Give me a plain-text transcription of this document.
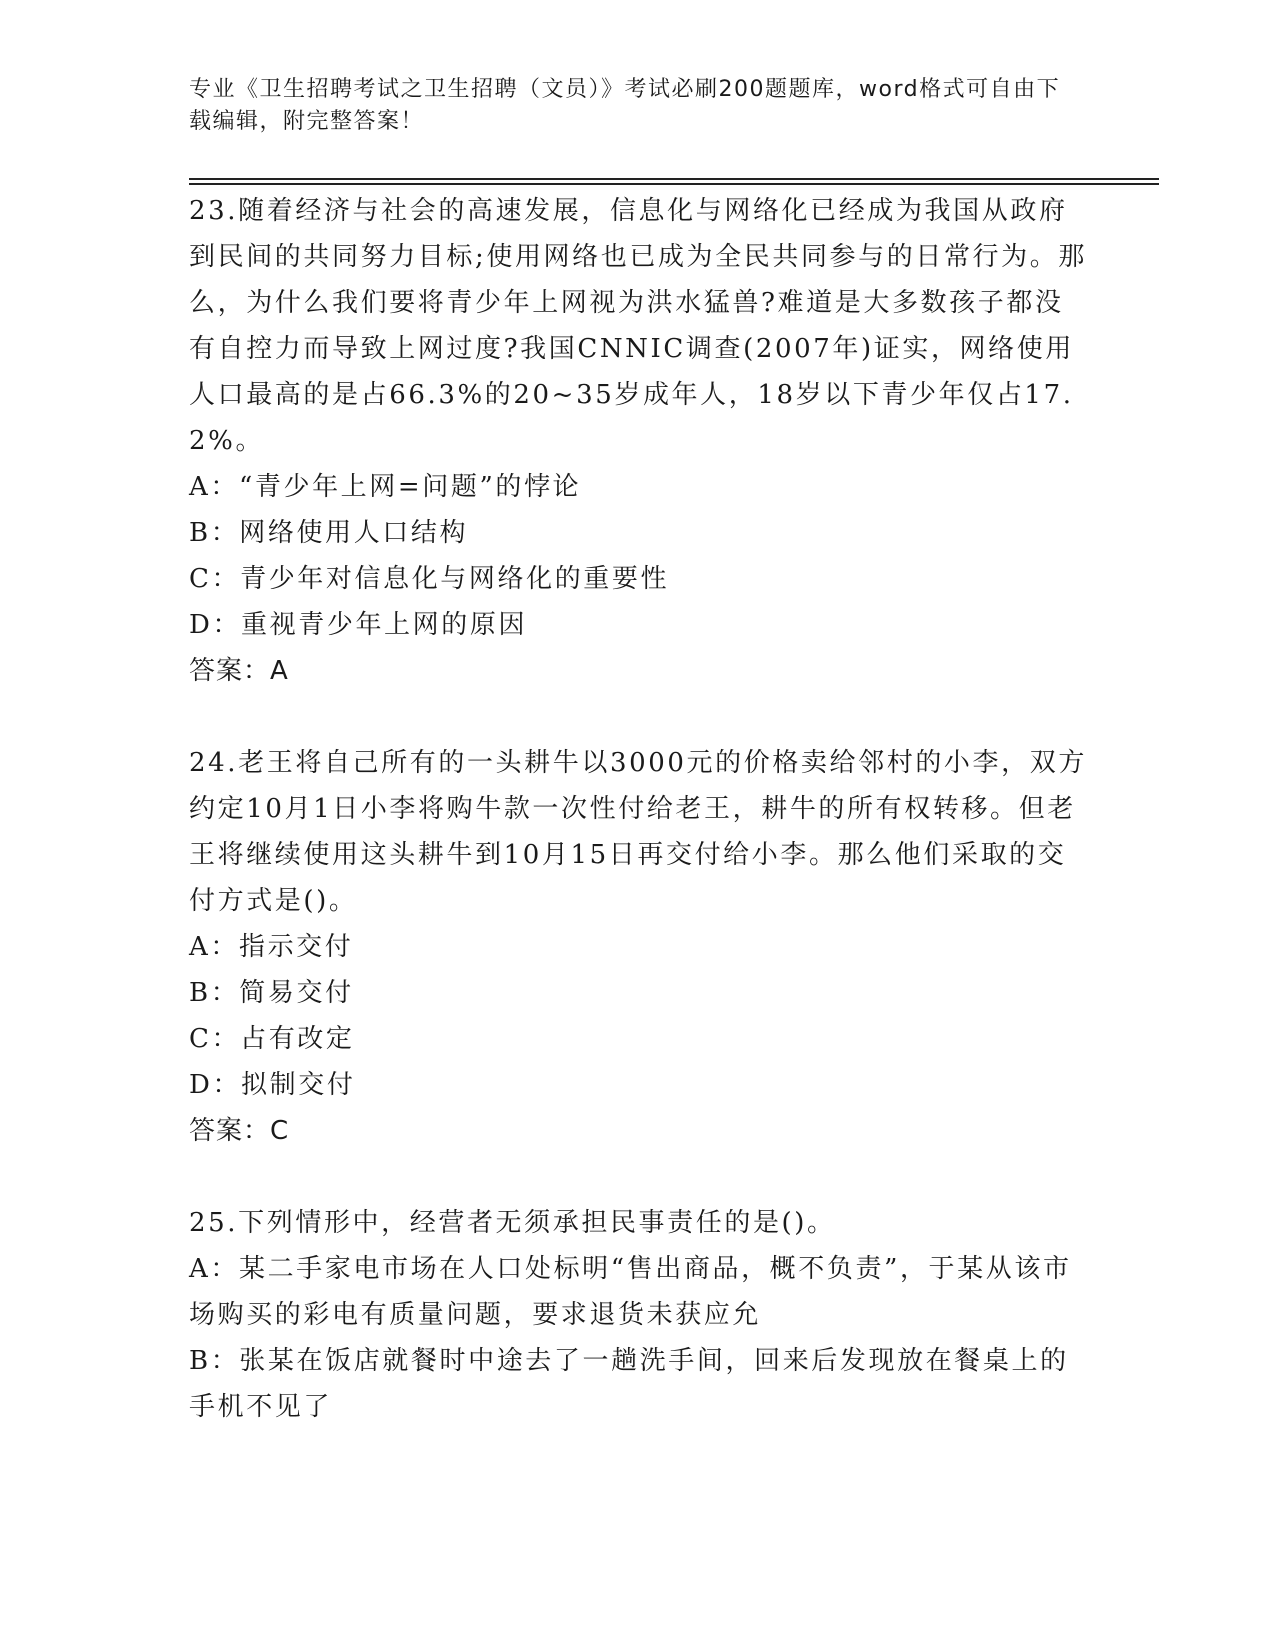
专业《卫生招聘考试之卫生招聘（文员）》考试必刷200题题库，word格式可自由下载编辑，附完整答案！
23.随着经济与社会的高速发展，信息化与网络化已经成为我国从政府到民间的共同努力目标;使用网络也已成为全民共同参与的日常行为。那么，为什么我们要将青少年上网视为洪水猛兽?难道是大多数孩子都没有自控力而导致上网过度?我国CNNIC调查(2007年)证实，网络使用人口最高的是占66.3%的20~35岁成年人，18岁以下青少年仅占17.2%。
A：“青少年上网=问题”的悖论
B：网络使用人口结构
C：青少年对信息化与网络化的重要性
D：重视青少年上网的原因
答案：A
24.老王将自己所有的一头耕牛以3000元的价格卖给邻村的小李，双方约定10月1日小李将购牛款一次性付给老王，耕牛的所有权转移。但老王将继续使用这头耕牛到10月15日再交付给小李。那么他们采取的交付方式是()。
A：指示交付
B：简易交付
C：占有改定
D：拟制交付
答案：C
25.下列情形中，经营者无须承担民事责任的是()。
A：某二手家电市场在人口处标明“售出商品，概不负责”，于某从该市场购买的彩电有质量问题，要求退货未获应允
B：张某在饭店就餐时中途去了一趟洗手间，回来后发现放在餐桌上的手机不见了
